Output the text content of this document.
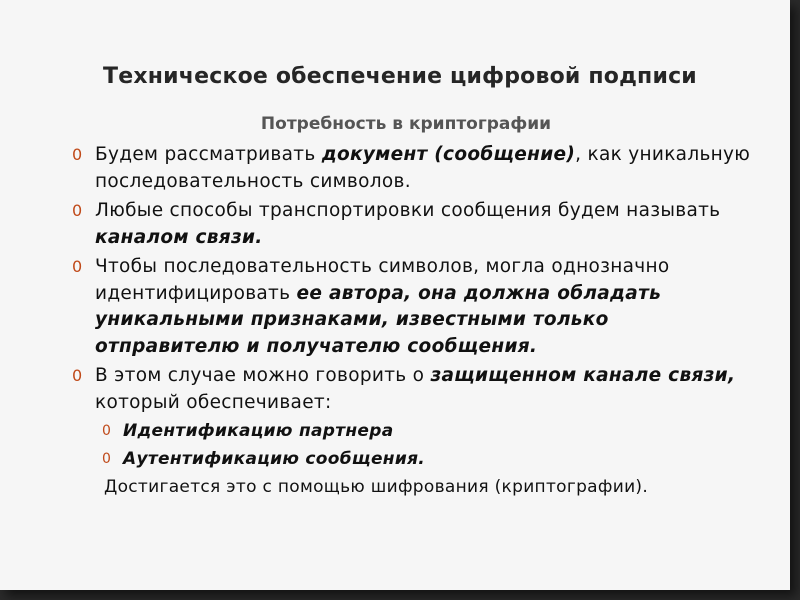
Техническое обеспечение цифровой подписи
Потребность в криптографии
0 Будем рассматривать документ (сообщение), как уникальную последовательность символов.
0 Любые способы транспортировки сообщения будем называть каналом связи.
0 Чтобы последовательность символов, могла однозначно идентифицировать ее автора, она должна обладать уникальными признаками, известными только отправителю и получателю сообщения.
0 В этом случае можно говорить о защищенном канале связи, который обеспечивает:
0 Идентификацию партнера
0 Аутентификацию сообщения.
Достигается это с помощью шифрования (криптографии).
